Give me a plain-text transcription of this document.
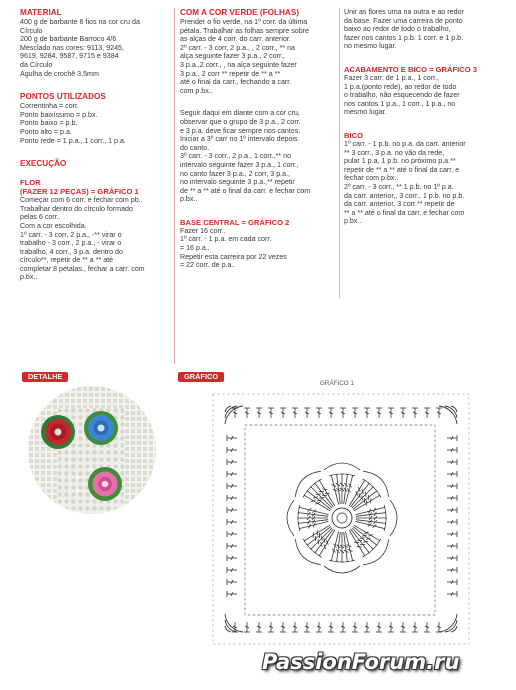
MATERIAL
400 g de barbante 6 fios na cor cru da
Círculo
200 g de barbante Barroco 4/6
Mesclado nas cores: 9113, 9245,
9619, 9284, 9587, 9715 e 9384
da Círculo
Agulha de crochê 3,5mm
PONTOS UTILIZADOS
Correntinha = corr.
Ponto baixíssimo = p.bx.
Ponto baixo = p.b.
Ponto alto = p.a.
Ponto rede = 1 p.a., 1 corr., 1 p.a.
EXECUÇÃO
FLOR
(FAZER 12 PEÇAS) = GRÁFICO 1
Começar com 6 corr. e fechar com pb..
Trabalhar dentro do círculo formado
pelas 6 corr..
Com a cor escolhida.
1º carr. - 3 corr, 2 p.a., -** virar o
trabalho - 3 corr., 2 p.a., - virar o
trabalho, 4 corr., 3 p.a. dentro do
círculo**, repetir de ** a ** até
completar 8 pétalas., fechar a carr. com
p.bx..
COM A COR VERDE (FOLHAS)
Prender o fio verde, na 1º corr. da última
pétala. Trabalhar as folhas sempre sobre
as alças de 4 corr. do carr. anterior.
2º carr. - 3 corr, 2 p.a., , 2 corr., ** na
alça seguinte fazer 3 p.a., 2 corr.,
3 p.a.,2 corr., , na alça seguinte fazer
3 p.a., 2 corr ** repetir de ** a **
até o final da carr., fechando a carr.
com p.bx..
Seguir daqui em diante com a cor cru,
observar que o grupo de 3 p.a., 2 corr.
e 3 p.a. deve ficar sempre nos cantos.
Iniciar a 3º carr no 1º intervalo depois
do canto.
3º carr. - 3 corr., 2 p.a., 1 corr.,** no
intervalo seguinte fazer 3 p.a., 1 corr.,
no canto fazer 3 p.a., 2 corr, 3 p.a.,
no intervalo seguinte 3 p.a.,** repetir
de ** a ** até o final da carr. e fechar com
p.bx..
BASE CENTRAL = GRÁFICO 2
Fazer 16 corr..
1º carr. - 1 p.a. em cada corr.
= 16 p.a..
Repetir esta carreira por 22 vezes
= 22 corr. de p.a..
Unir as flores uma na outra e ao redor
da base. Fazer uma carreira de ponto
baixo ao redor de todo o trabalho,
fazer nos cantos 1 p.b. 1 corr. e 1 p.b.
no mesmo lugar.
ACABAMENTO E BICO = GRÁFICO 3
Fazer 3 carr. de 1 p.a., 1 corr.,
1 p.a.(ponto rede), ao redor de todo
o trabalho, não esquecendo de fazer
nos cantos 1 p.a., 1 corr., 1 p.a., no
mesmo lugar.
BICO
1º carr. - 1 p.b. no p.a. da carr. anterior
** 3 corr., 3 p.a. no vão da rede,
pular 1 p.a, 1 p.b. no próximo p.a.**
repetir de ** a ** até o final da carr. e
fechar com p.bx..
2º carr. - 3 corr., ** 1 p.b. no 1º p.a.
da carr. anterior,, 3 corr., 1 p.b. no p.b.
da carr. anterior, 3 corr.** repetir de
** a ** até o final da carr. e fechar com
p.bx..
DETALHE	GRÁFICO
GRÁFICO 1
PassionForum.ru
